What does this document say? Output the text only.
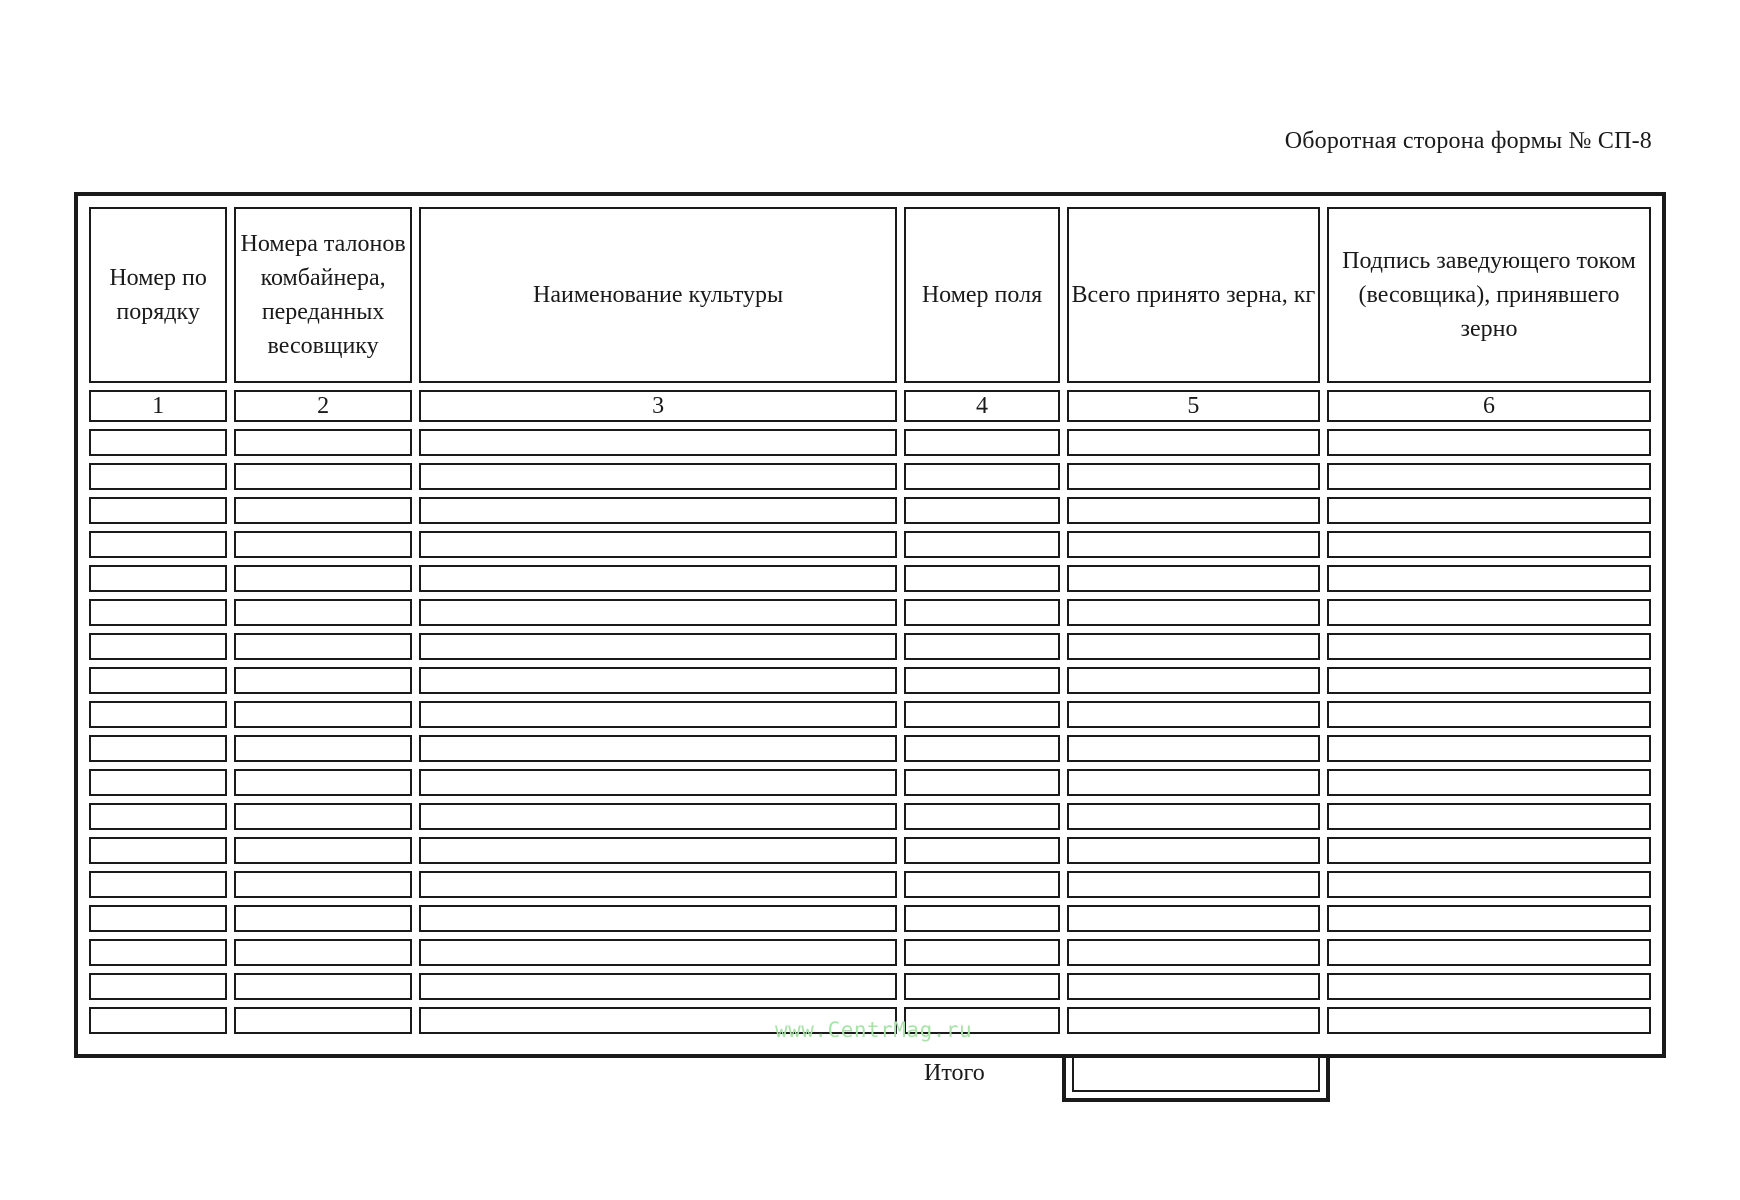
Оборотная сторона формы № СП-8
Номер по порядку	Номера талонов комбайнера, переданных весовщику	Наименование культуры	Номер поля	Всего принято зерна, кг	Подпись заведующего током (весовщика), принявшего зерно
1	2	3	4	5	6

www.CentrMag.ru
Итого
